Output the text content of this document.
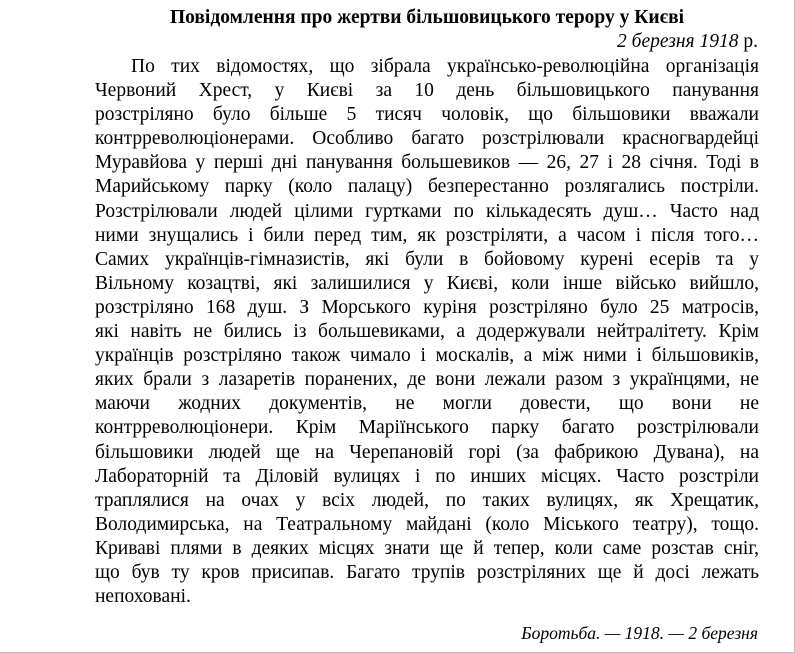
Повідомлення про жертви більшовицького терору у Києві
2 березня 1918 р.
По тих відомостях, що зібрала українсько-революційна організація
Червоний Хрест, у Києві за 10 день більшовицького панування
розстріляно було більше 5 тисяч чоловік, що більшовики вважали
контрреволюціонерами. Особливо багато розстрілювали красногвардейці
Муравйова у перші дні панування большевиков — 26, 27 і 28 січня. Тоді в
Марийському парку (коло палацу) безперестанно розлягались постріли.
Розстрілювали людей цілими гуртками по кількадесять душ… Часто над
ними знущались і били перед тим, як розстріляти, а часом і після того…
Самих українців-гімназистів, які були в бойовому курені есерів та у
Вільному козацтві, які залишилися у Києві, коли інше військо вийшло,
розстріляно 168 душ. З Морського куріня розстріляно було 25 матросів,
які навіть не бились із большевиками, а додержували нейтралітету. Крім
українців розстріляно також чимало і москалів, а між ними і більшовиків,
яких брали з лазаретів поранених, де вони лежали разом з українцями, не
маючи жодних документів, не могли довести, що вони не
контрреволюціонери. Крім Маріїнського парку багато розстрілювали
більшовики людей ще на Черепановій горі (за фабрикою Дувана), на
Лабораторній та Діловій вулицях і по инших місцях. Часто розстріли
траплялися на очах у всіх людей, по таких вулицях, як Хрещатик,
Володимирська, на Театральному майдані (коло Міського театру), тощо.
Криваві плями в деяких місцях знати ще й тепер, коли саме розстав сніг,
що був ту кров присипав. Багато трупів розстріляних ще й досі лежать
непоховані.
Боротьба. — 1918. — 2 березня
